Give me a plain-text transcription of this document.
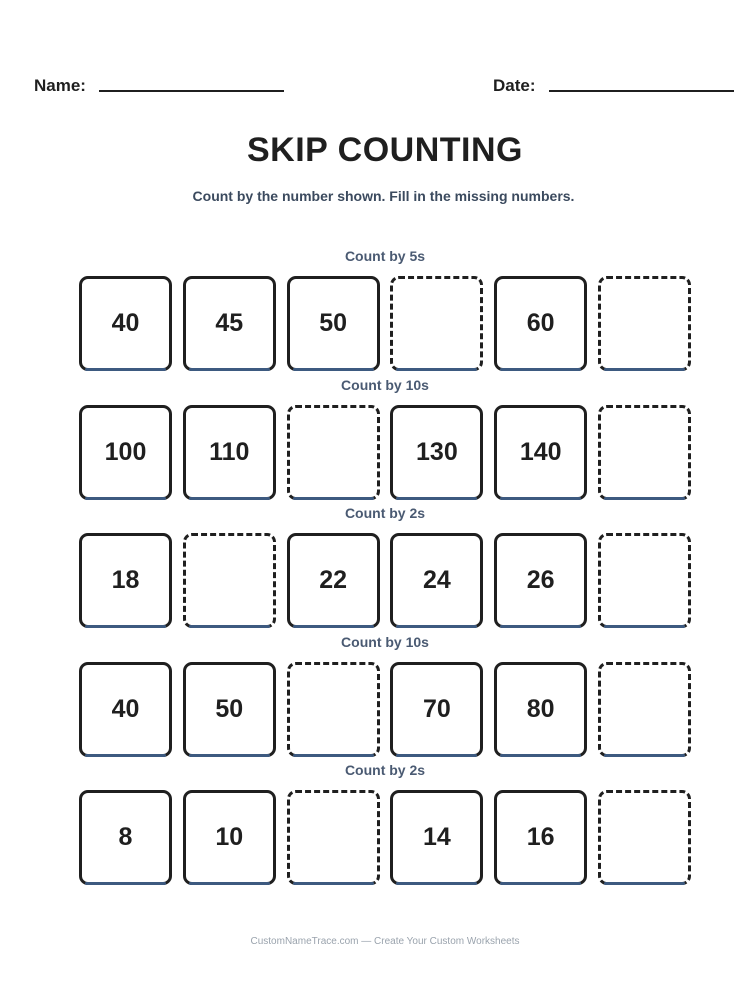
Name:	Date:
SKIP COUNTING
Count by the number shown. Fill in the missing numbers.
Count by 5s
40	45	50	60
Count by 10s
100	110	130 140
Count by 2s
18	22	24	26
Count by 10s
40	50	70	80
Count by 2s
8	10	14	16
CustomNameTrace.com — Create Your Custom Worksheets
